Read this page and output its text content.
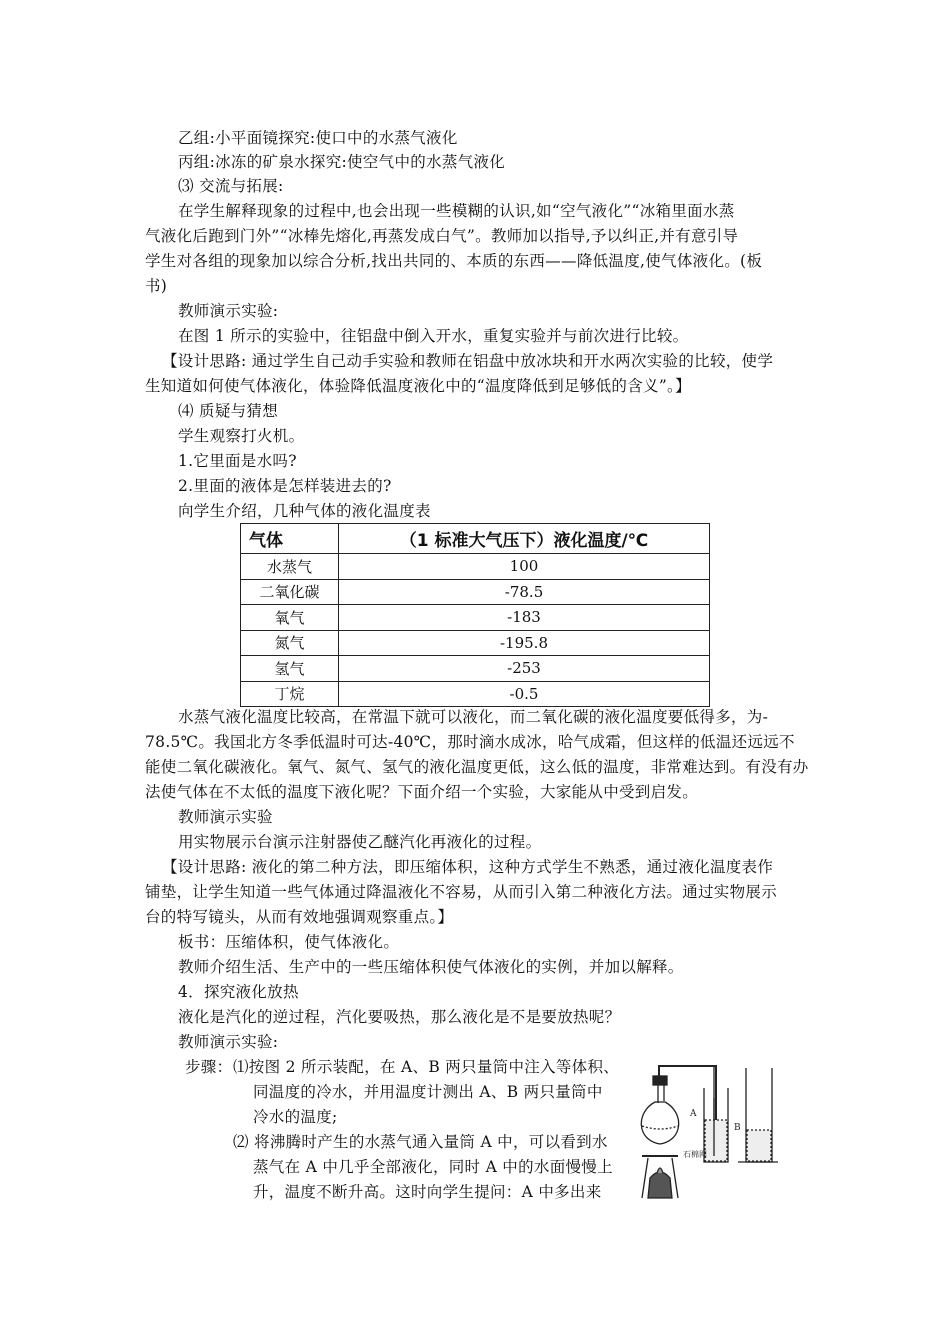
乙组:小平面镜探究:使口中的水蒸气液化
丙组:冰冻的矿泉水探究:使空气中的水蒸气液化
⑶ 交流与拓展:
在学生解释现象的过程中,也会出现一些模糊的认识,如“空气液化”“冰箱里面水蒸
气液化后跑到门外”“冰棒先熔化,再蒸发成白气”。教师加以指导,予以纠正,并有意引导
学生对各组的现象加以综合分析,找出共同的、本质的东西——降低温度,使气体液化。(板
书)
教师演示实验:
在图 1 所示的实验中，往铝盘中倒入开水，重复实验并与前次进行比较。
【设计思路: 通过学生自己动手实验和教师在铝盘中放冰块和开水两次实验的比较，使学
生知道如何使气体液化，体验降低温度液化中的“温度降低到足够低的含义”。】
⑷ 质疑与猜想
学生观察打火机。
1.它里面是水吗?
2.里面的液体是怎样装进去的?
向学生介绍，几种气体的液化温度表
气体	（1 标准大气压下）液化温度/℃
水蒸气	100
二氧化碳	-78.5
氧气	-183
氮气	-195.8
氢气	-253
丁烷	-0.5
水蒸气液化温度比较高，在常温下就可以液化，而二氧化碳的液化温度要低得多，为-
78.5℃。我国北方冬季低温时可达-40℃，那时滴水成冰，哈气成霜，但这样的低温还远远不
能使二氧化碳液化。氧气、氮气、氢气的液化温度更低，这么低的温度，非常难达到。有没有办
法使气体在不太低的温度下液化呢？下面介绍一个实验，大家能从中受到启发。
教师演示实验
用实物展示台演示注射器使乙醚汽化再液化的过程。
【设计思路: 液化的第二种方法，即压缩体积，这种方式学生不熟悉，通过液化温度表作
铺垫，让学生知道一些气体通过降温液化不容易，从而引入第二种液化方法。通过实物展示
台的特写镜头，从而有效地强调观察重点。】
板书：压缩体积，使气体液化。
教师介绍生活、生产中的一些压缩体积使气体液化的实例，并加以解释。
4．探究液化放热
液化是汽化的逆过程，汽化要吸热，那么液化是不是要放热呢？
教师演示实验:
步骤： ⑴按图 2 所示装配，在 A、B 两只量筒中注入等体积、
同温度的冷水，并用温度计测出 A、B 两只量筒中
冷水的温度;
⑵ 将沸腾时产生的水蒸气通入量筒 A 中，可以看到水
蒸气在 A 中几乎全部液化，同时 A 中的水面慢慢上
升，温度不断升高。这时向学生提问：A 中多出来
A
B
石棉网
